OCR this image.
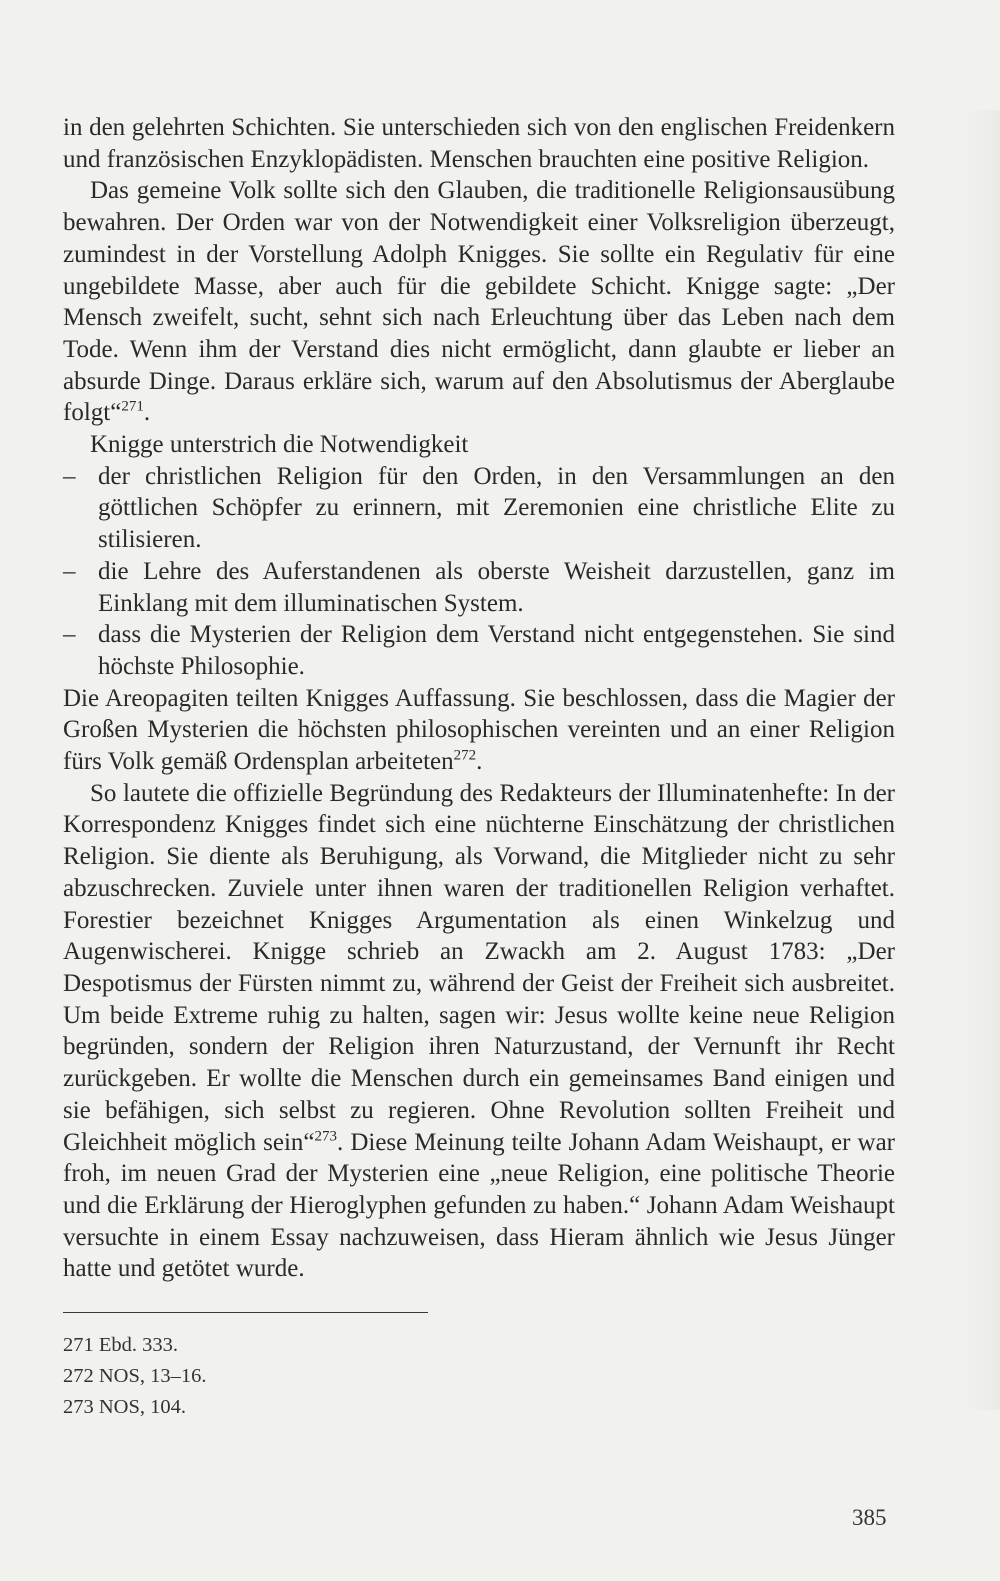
in den gelehrten Schichten. Sie unterschieden sich von den englischen Freidenkern und französischen Enzyklopädisten. Menschen brauchten eine positive Religion.

Das gemeine Volk sollte sich den Glauben, die traditionelle Religionsausübung bewahren. Der Orden war von der Notwendigkeit einer Volksreligion überzeugt, zumindest in der Vorstellung Adolph Knigges. Sie sollte ein Regulativ für eine ungebildete Masse, aber auch für die gebildete Schicht. Knigge sagte: „Der Mensch zweifelt, sucht, sehnt sich nach Erleuchtung über das Leben nach dem Tode. Wenn ihm der Verstand dies nicht ermöglicht, dann glaubte er lieber an absurde Dinge. Daraus erkläre sich, warum auf den Absolutismus der Aberglaube folgt“$^{271}$.

Knigge unterstrich die Notwendigkeit

– der christlichen Religion für den Orden, in den Versammlungen an den göttlichen Schöpfer zu erinnern, mit Zeremonien eine christliche Elite zu stilisieren.
– die Lehre des Auferstandenen als oberste Weisheit darzustellen, ganz im Einklang mit dem illuminatischen System.
– dass die Mysterien der Religion dem Verstand nicht entgegenstehen. Sie sind höchste Philosophie.

Die Areopagiten teilten Knigges Auffassung. Sie beschlossen, dass die Magier der Großen Mysterien die höchsten philosophischen vereinten und an einer Religion fürs Volk gemäß Ordensplan arbeiteten$^{272}$.

So lautete die offizielle Begründung des Redakteurs der Illuminatenhefte: In der Korrespondenz Knigges findet sich eine nüchterne Einschätzung der christlichen Religion. Sie diente als Beruhigung, als Vorwand, die Mitglieder nicht zu sehr abzuschrecken. Zuviele unter ihnen waren der traditionellen Religion verhaftet. Forestier bezeichnet Knigges Argumentation als einen Winkelzug und Augenwischerei. Knigge schrieb an Zwackh am 2. August 1783: „Der Despotismus der Fürsten nimmt zu, während der Geist der Freiheit sich ausbreitet. Um beide Extreme ruhig zu halten, sagen wir: Jesus wollte keine neue Religion begründen, sondern der Religion ihren Naturzustand, der Vernunft ihr Recht zurückgeben. Er wollte die Menschen durch ein gemeinsames Band einigen und sie befähigen, sich selbst zu regieren. Ohne Revolution sollten Freiheit und Gleichheit möglich sein“$^{273}$. Diese Meinung teilte Johann Adam Weishaupt, er war froh, im neuen Grad der Mysterien eine „neue Religion, eine politische Theorie und die Erklärung der Hieroglyphen gefunden zu haben.“ Johann Adam Weishaupt versuchte in einem Essay nachzuweisen, dass Hieram ähnlich wie Jesus Jünger hatte und getötet wurde.

271 Ebd. 333.
272 NOS, 13–16.
273 NOS, 104.
385
